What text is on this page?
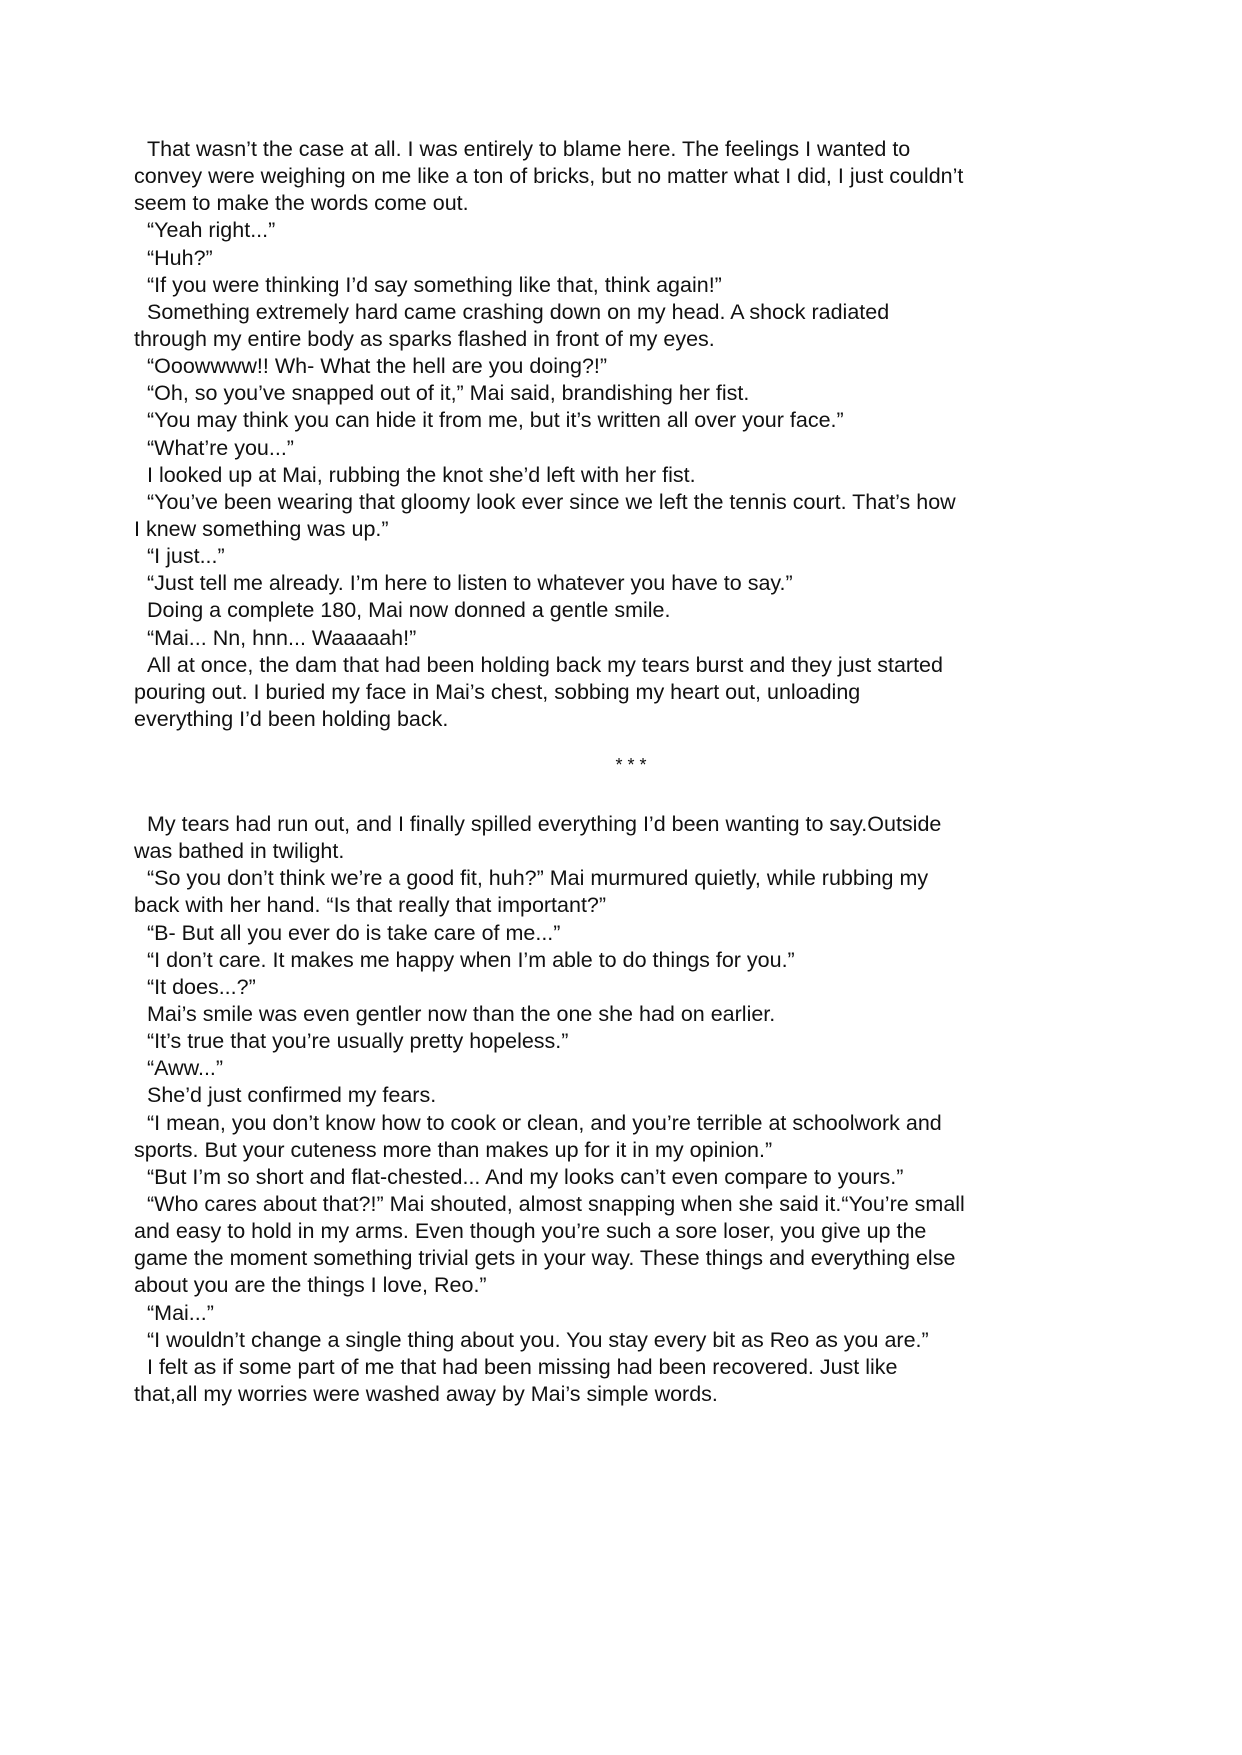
That wasn’t the case at all. I was entirely to blame here. The feelings I wanted to
convey were weighing on me like a ton of bricks, but no matter what I did, I just couldn’t
seem to make the words come out.
“Yeah right...”
“Huh?”
“If you were thinking I’d say something like that, think again!”
Something extremely hard came crashing down on my head. A shock radiated
through my entire body as sparks flashed in front of my eyes.
“Ooowwww!! Wh- What the hell are you doing?!”
“Oh, so you’ve snapped out of it,” Mai said, brandishing her fist.
“You may think you can hide it from me, but it’s written all over your face.”
“What’re you...”
I looked up at Mai, rubbing the knot she’d left with her fist.
“You’ve been wearing that gloomy look ever since we left the tennis court. That’s how
I knew something was up.”
“I just...”
“Just tell me already. I’m here to listen to whatever you have to say.”
Doing a complete 180, Mai now donned a gentle smile.
“Mai... Nn, hnn... Waaaaah!”
All at once, the dam that had been holding back my tears burst and they just started
pouring out. I buried my face in Mai’s chest, sobbing my heart out, unloading
everything I’d been holding back.
* * *
My tears had run out, and I finally spilled everything I’d been wanting to say.Outside
was bathed in twilight.
“So you don’t think we’re a good fit, huh?” Mai murmured quietly, while rubbing my
back with her hand. “Is that really that important?”
“B- But all you ever do is take care of me...”
“I don’t care. It makes me happy when I’m able to do things for you.”
“It does...?”
Mai’s smile was even gentler now than the one she had on earlier.
“It’s true that you’re usually pretty hopeless.”
“Aww...”
She’d just confirmed my fears.
“I mean, you don’t know how to cook or clean, and you’re terrible at schoolwork and
sports. But your cuteness more than makes up for it in my opinion.”
“But I’m so short and flat-chested... And my looks can’t even compare to yours.”
“Who cares about that?!” Mai shouted, almost snapping when she said it.“You’re small
and easy to hold in my arms. Even though you’re such a sore loser, you give up the
game the moment something trivial gets in your way. These things and everything else
about you are the things I love, Reo.”
“Mai...”
“I wouldn’t change a single thing about you. You stay every bit as Reo as you are.”
I felt as if some part of me that had been missing had been recovered. Just like
that,all my worries were washed away by Mai’s simple words.
